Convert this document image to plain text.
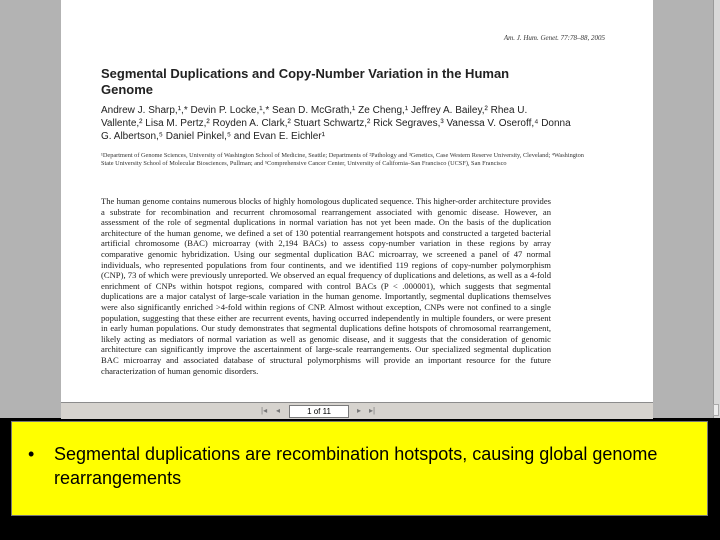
Am. J. Hum. Genet. 77:78–88, 2005
Segmental Duplications and Copy-Number Variation in the Human Genome
Andrew J. Sharp,¹,* Devin P. Locke,¹,* Sean D. McGrath,¹ Ze Cheng,¹ Jeffrey A. Bailey,² Rhea U. Vallente,² Lisa M. Pertz,² Royden A. Clark,² Stuart Schwartz,² Rick Segraves,³ Vanessa V. Oseroff,⁴ Donna G. Albertson,⁵ Daniel Pinkel,⁵ and Evan E. Eichler¹
¹Department of Genome Sciences, University of Washington School of Medicine, Seattle; Departments of ²Pathology and ³Genetics, Case Western Reserve University, Cleveland; ⁴Washington State University School of Molecular Biosciences, Pullman; and ⁵Comprehensive Cancer Center, University of California–San Francisco (UCSF), San Francisco
The human genome contains numerous blocks of highly homologous duplicated sequence. This higher-order architecture provides a substrate for recombination and recurrent chromosomal rearrangement associated with genomic disease. However, an assessment of the role of segmental duplications in normal variation has not yet been made. On the basis of the duplication architecture of the human genome, we defined a set of 130 potential rearrangement hotspots and constructed a targeted bacterial artificial chromosome (BAC) microarray (with 2,194 BACs) to assess copy-number variation in these regions by array comparative genomic hybridization. Using our segmental duplication BAC microarray, we screened a panel of 47 normal individuals, who represented populations from four continents, and we identified 119 regions of copy-number polymorphism (CNP), 73 of which were previously unreported. We observed an equal frequency of duplications and deletions, as well as a 4-fold enrichment of CNPs within hotspot regions, compared with control BACs (P < .000001), which suggests that segmental duplications are a major catalyst of large-scale variation in the human genome. Importantly, segmental duplications themselves were also significantly enriched >4-fold within regions of CNP. Almost without exception, CNPs were not confined to a single population, suggesting that these either are recurrent events, having occurred independently in multiple founders, or were present in early human populations. Our study demonstrates that segmental duplications define hotspots of chromosomal rearrangement, likely acting as mediators of normal variation as well as genomic disease, and it suggests that the consideration of genomic architecture can significantly improve the ascertainment of large-scale rearrangements. Our specialized segmental duplication BAC microarray and associated database of structural polymorphisms will provide an important resource for the future characterization of human genomic disorders.
|◂ ◂	1 of 11	▸ ▸|
•	Segmental duplications are recombination hotspots, causing global genome rearrangements
